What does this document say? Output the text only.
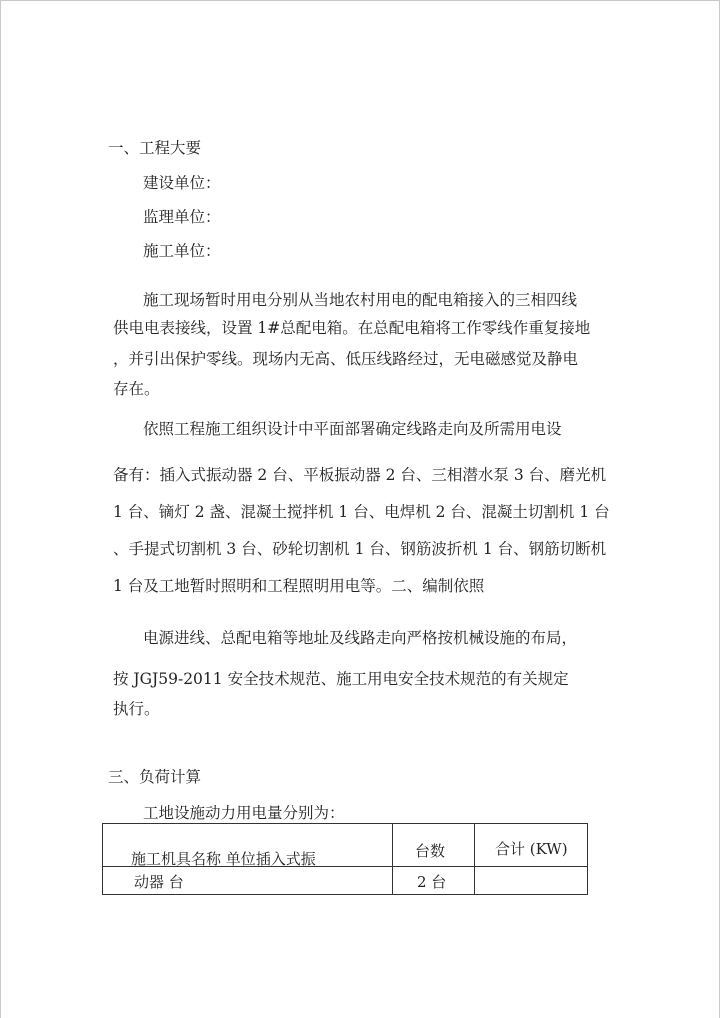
一、工程大要
建设单位：
监理单位：
施工单位：
施工现场暂时用电分别从当地农村用电的配电箱接入的三相四线
供电电表接线，设置 1#总配电箱。在总配电箱将工作零线作重复接地
，并引出保护零线。现场内无高、低压线路经过，无电磁感觉及静电
存在。
依照工程施工组织设计中平面部署确定线路走向及所需用电设
备有：插入式振动器 2 台、平板振动器 2 台、三相潜水泵 3 台、磨光机
1 台、镝灯 2 盏、混凝土搅拌机 1 台、电焊机 2 台、混凝土切割机 1 台
、手提式切割机 3 台、砂轮切割机 1 台、钢筋波折机 1 台、钢筋切断机
1 台及工地暂时照明和工程照明用电等。二、编制依照
电源进线、总配电箱等地址及线路走向严格按机械设施的布局，
按 JGJ59-2011 安全技术规范、施工用电安全技术规范的有关规定
执行。
三、负荷计算
工地设施动力用电量分别为：
施工机具名称 单位插入式振	台数	合计 (KW)

动器 台	2 台	
